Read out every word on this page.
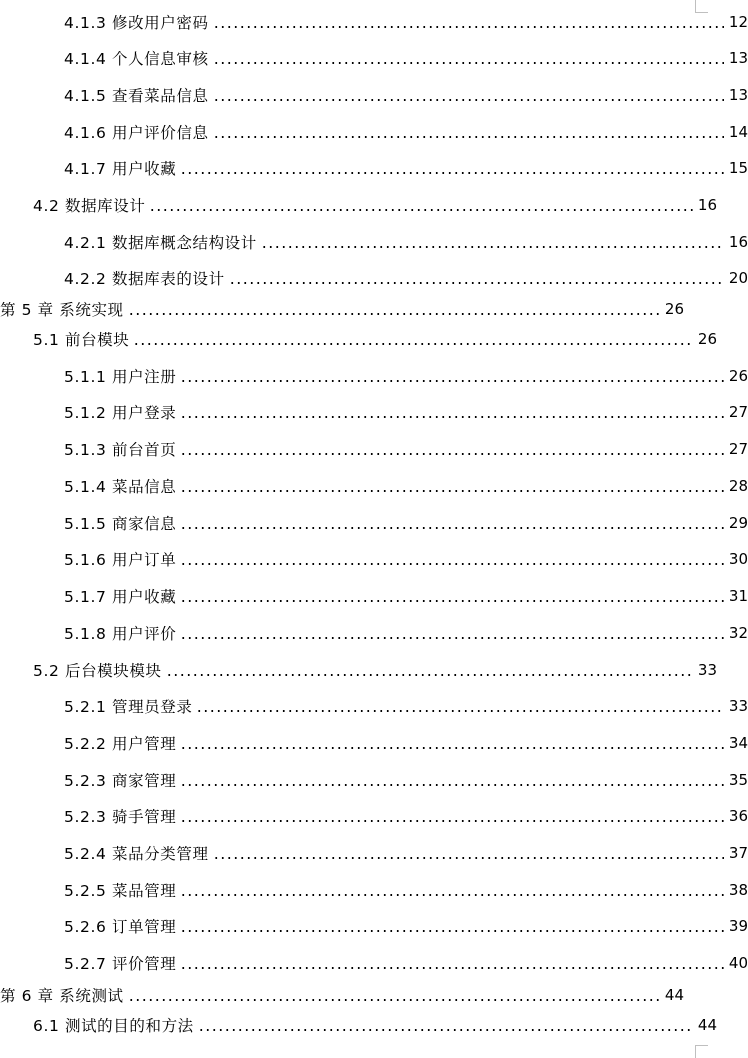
4.1.3 修改用户密码	12
4.1.4 个人信息审核	13
4.1.5 查看菜品信息	13
4.1.6 用户评价信息	14
4.1.7 用户收藏	15
4.2 数据库设计	16
4.2.1 数据库概念结构设计	16
4.2.2 数据库表的设计	20
第 5 章 系统实现	26
5.1 前台模块	26
5.1.1 用户注册	26
5.1.2 用户登录	27
5.1.3 前台首页	27
5.1.4 菜品信息	28
5.1.5 商家信息	29
5.1.6 用户订单	30
5.1.7 用户收藏	31
5.1.8 用户评价	32
5.2 后台模块模块	33
5.2.1 管理员登录	33
5.2.2 用户管理	34
5.2.3 商家管理	35
5.2.3 骑手管理	36
5.2.4 菜品分类管理	37
5.2.5 菜品管理	38
5.2.6 订单管理	39
5.2.7 评价管理	40
第 6 章 系统测试	44
6.1 测试的目的和方法	44
